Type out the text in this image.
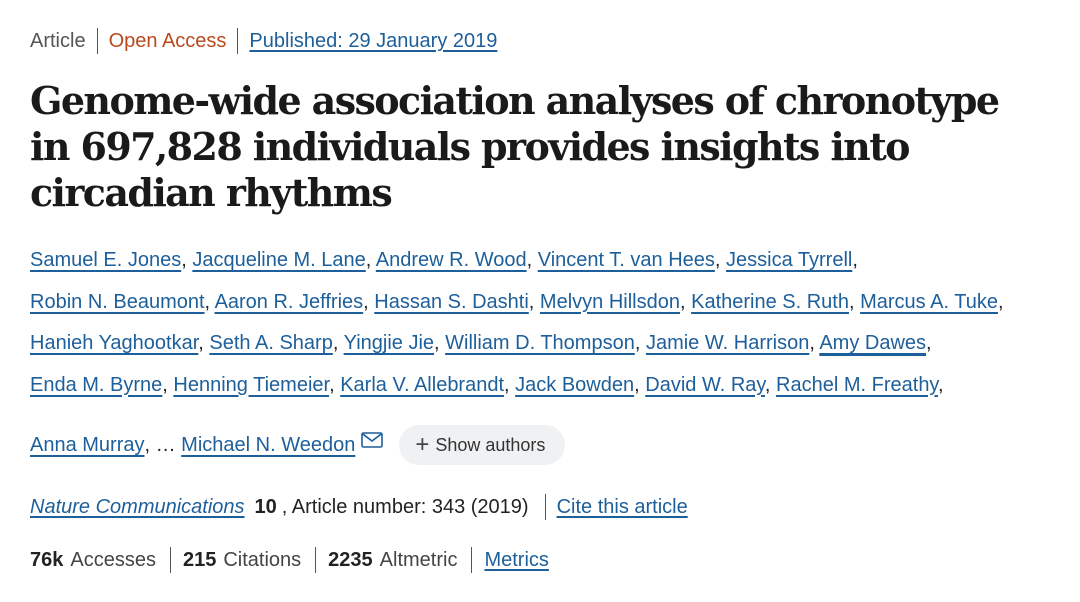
Article Open Access Published: 29 January 2019
Genome-wide association analyses of chronotype in 697,828 individuals provides insights into circadian rhythms
Samuel E. Jones, Jacqueline M. Lane, Andrew R. Wood, Vincent T. van Hees, Jessica Tyrrell, Robin N. Beaumont, Aaron R. Jeffries, Hassan S. Dashti, Melvyn Hillsdon, Katherine S. Ruth, Marcus A. Tuke, Hanieh Yaghootkar, Seth A. Sharp, Yingjie Jie, William D. Thompson, Jamie W. Harrison, Amy Dawes, Enda M. Byrne, Henning Tiemeier, Karla V. Allebrandt, Jack Bowden, David W. Ray, Rachel M. Freathy,
Anna Murray , … Michael N. Weedon	+ Show authors
Nature Communications 10 , Article number: 343 (2019) Cite this article
76k Accesses 215 Citations 2235 Altmetric Metrics
